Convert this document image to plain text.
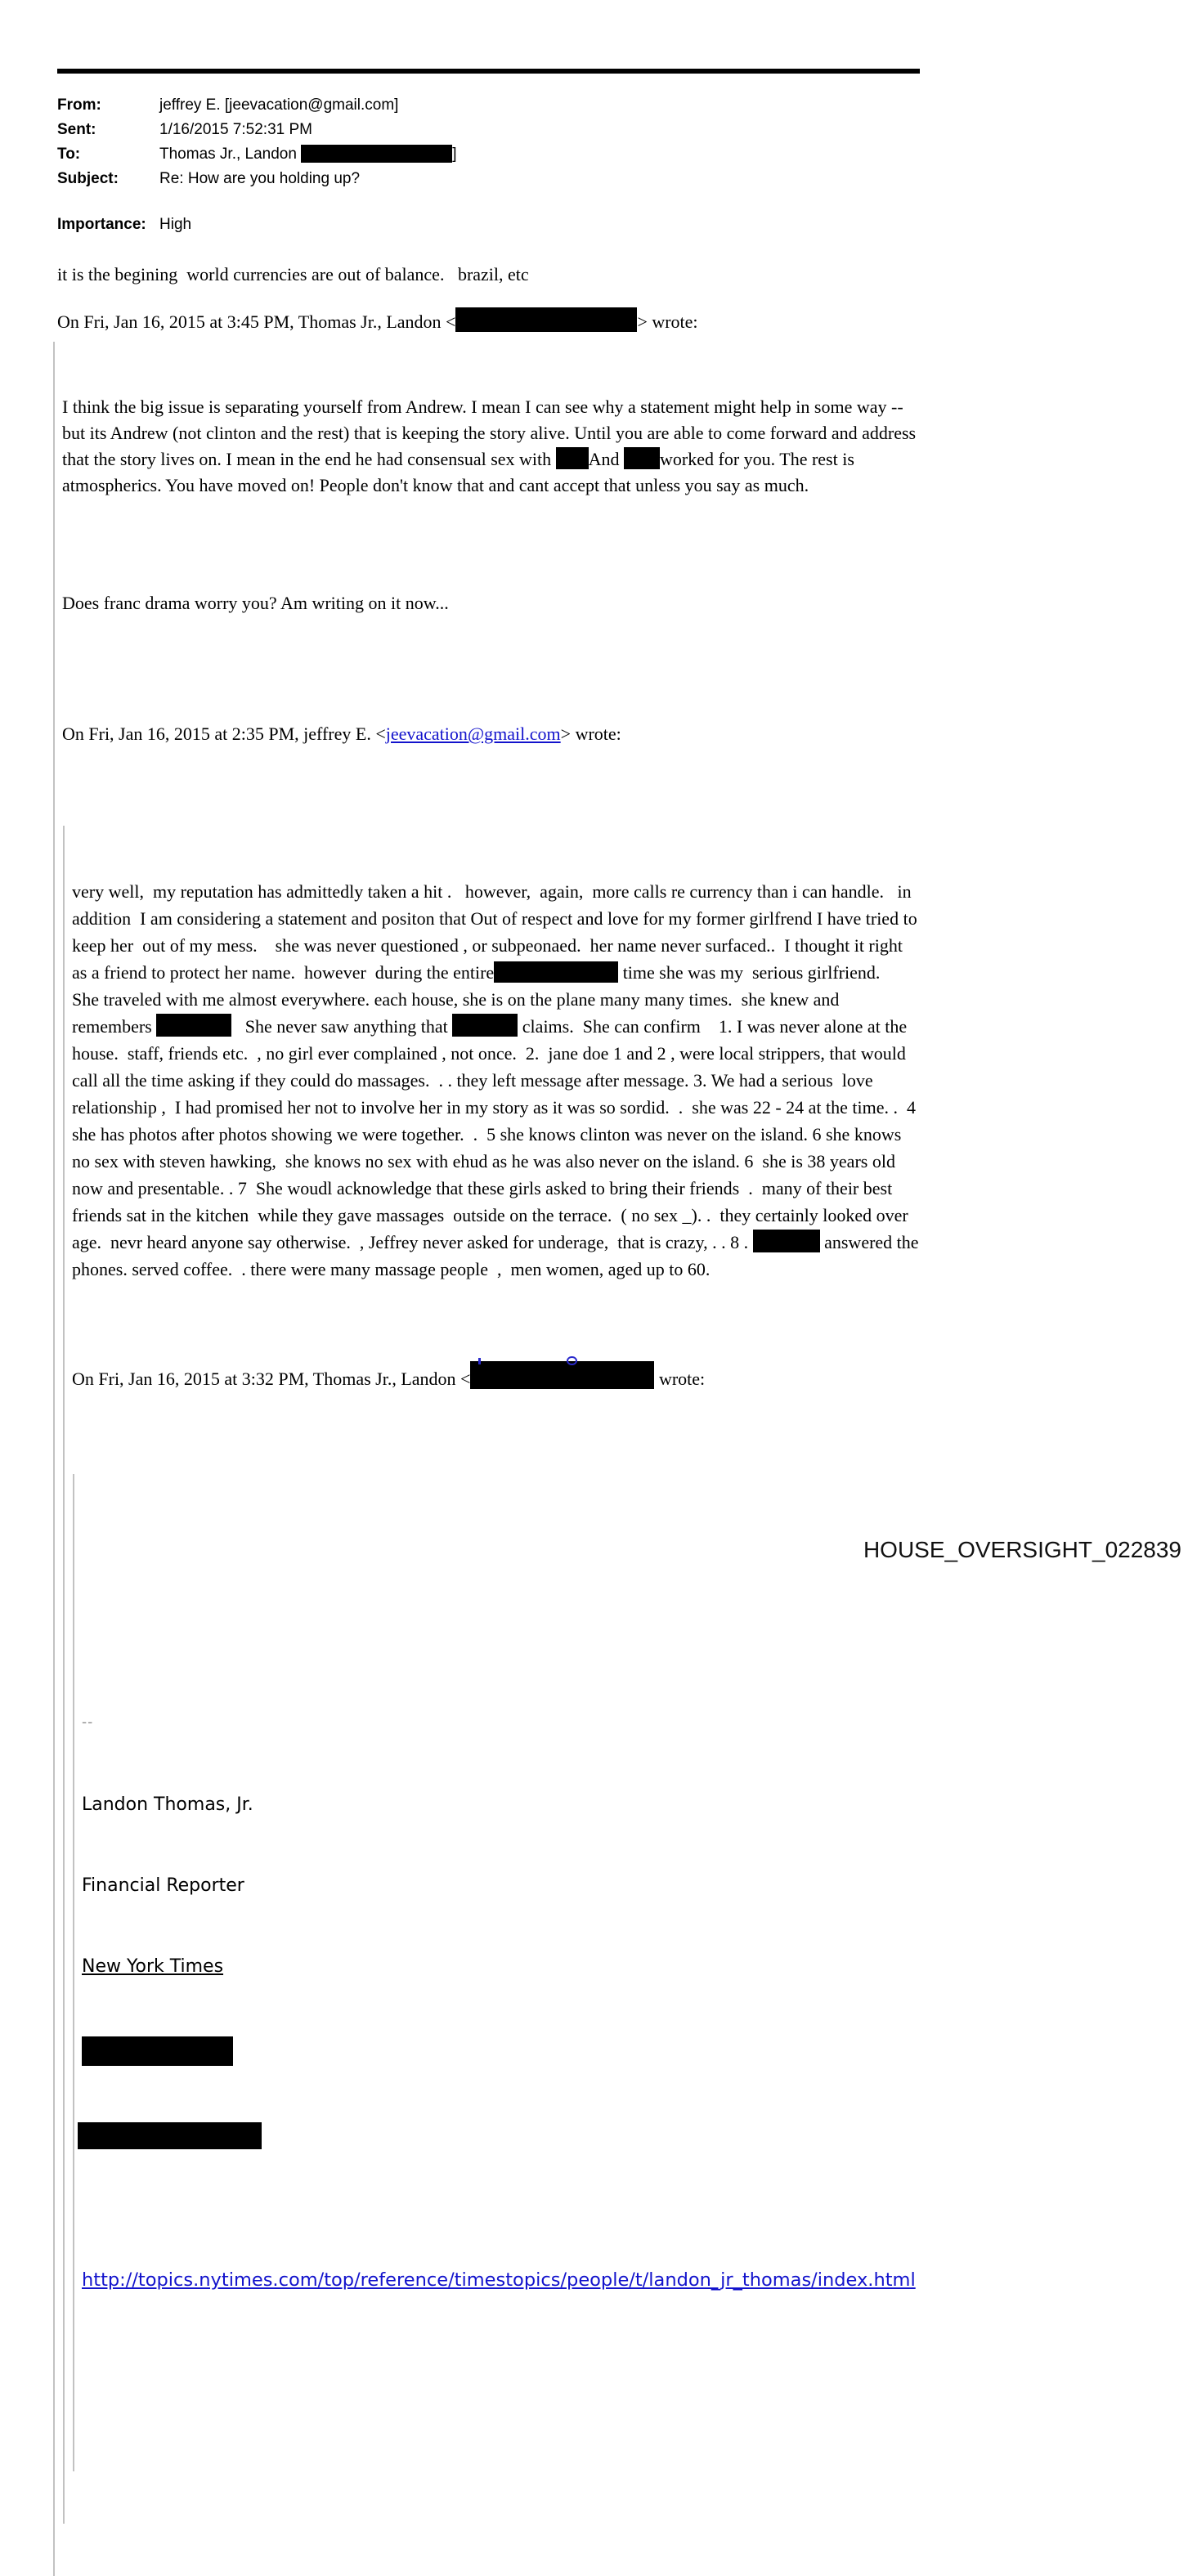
From:	jeffrey E. [jeevacation@gmail.com]
Sent:	1/16/2015 7:52:31 PM
To:	Thomas Jr., Landon	]
Subject:	Re: How are you holding up?
Importance: High

it is the begining  world currencies are out of balance.   brazil, etc

On Fri, Jan 16, 2015 at 3:45 PM, Thomas Jr., Landon <	> wrote:

I think the big issue is separating yourself from Andrew. I mean I can see why a statement might help in some way -- but its Andrew (not clinton and the rest) that is keeping the story alive. Until you are able to come forward and address that the story lives on. I mean in the end he had consensual sex with And worked for you. The rest is atmospherics. You have moved on! People don't know that and cant accept that unless you say as much.

Does franc drama worry you? Am writing on it now...

On Fri, Jan 16, 2015 at 2:35 PM, jeffrey E. <jeevacation@gmail.com> wrote:

very well,  my reputation has admittedly taken a hit .   however,  again,  more calls re currency than i can handle.   in addition  I am considering a statement and positon that Out of respect and love for my former girlfrend I have tried to keep her  out of my mess.    she was never questioned , or subpeonaed.  her name never surfaced..  I thought it right as a friend to protect her name.  however  during the entire	time she was my  serious girlfriend.   She traveled with me almost everywhere. each house, she is on the plane many many times.  she knew and remembers	She never saw anything that	claims.  She can confirm    1. I was never alone at the house.  staff, friends etc.  , no girl ever complained , not once.  2.  jane doe 1 and 2 , were local strippers, that would call all the time asking if they could do massages.  . . they left message after message. 3. We had a serious  love relationship ,  I had promised her not to involve her in my story as it was so sordid.  .  she was 22 - 24 at the time. .  4 she has photos after photos showing we were together.  .  5 she knows clinton was never on the island. 6 she knows no sex with steven hawking,  she knows no sex with ehud as he was also never on the island. 6  she is 38 years old now and presentable. . 7  She woudl acknowledge that these girls asked to bring their friends  .  many of their best friends sat in the kitchen  while they gave massages  outside on the terrace.  ( no sex _). .  they certainly looked over age.  nevr heard anyone say otherwise.  , Jeffrey never asked for underage,  that is crazy, . . 8 .	answered the phones. served coffee.  . there were many massage people  ,  men women, aged up to 60.

On Fri, Jan 16, 2015 at 3:32 PM, Thomas Jr., Landon <	wrote:

--

Landon Thomas, Jr.

Financial Reporter

New York Times

http://topics.nytimes.com/top/reference/timestopics/people/t/landon_jr_thomas/index.html

HOUSE_OVERSIGHT_022839
